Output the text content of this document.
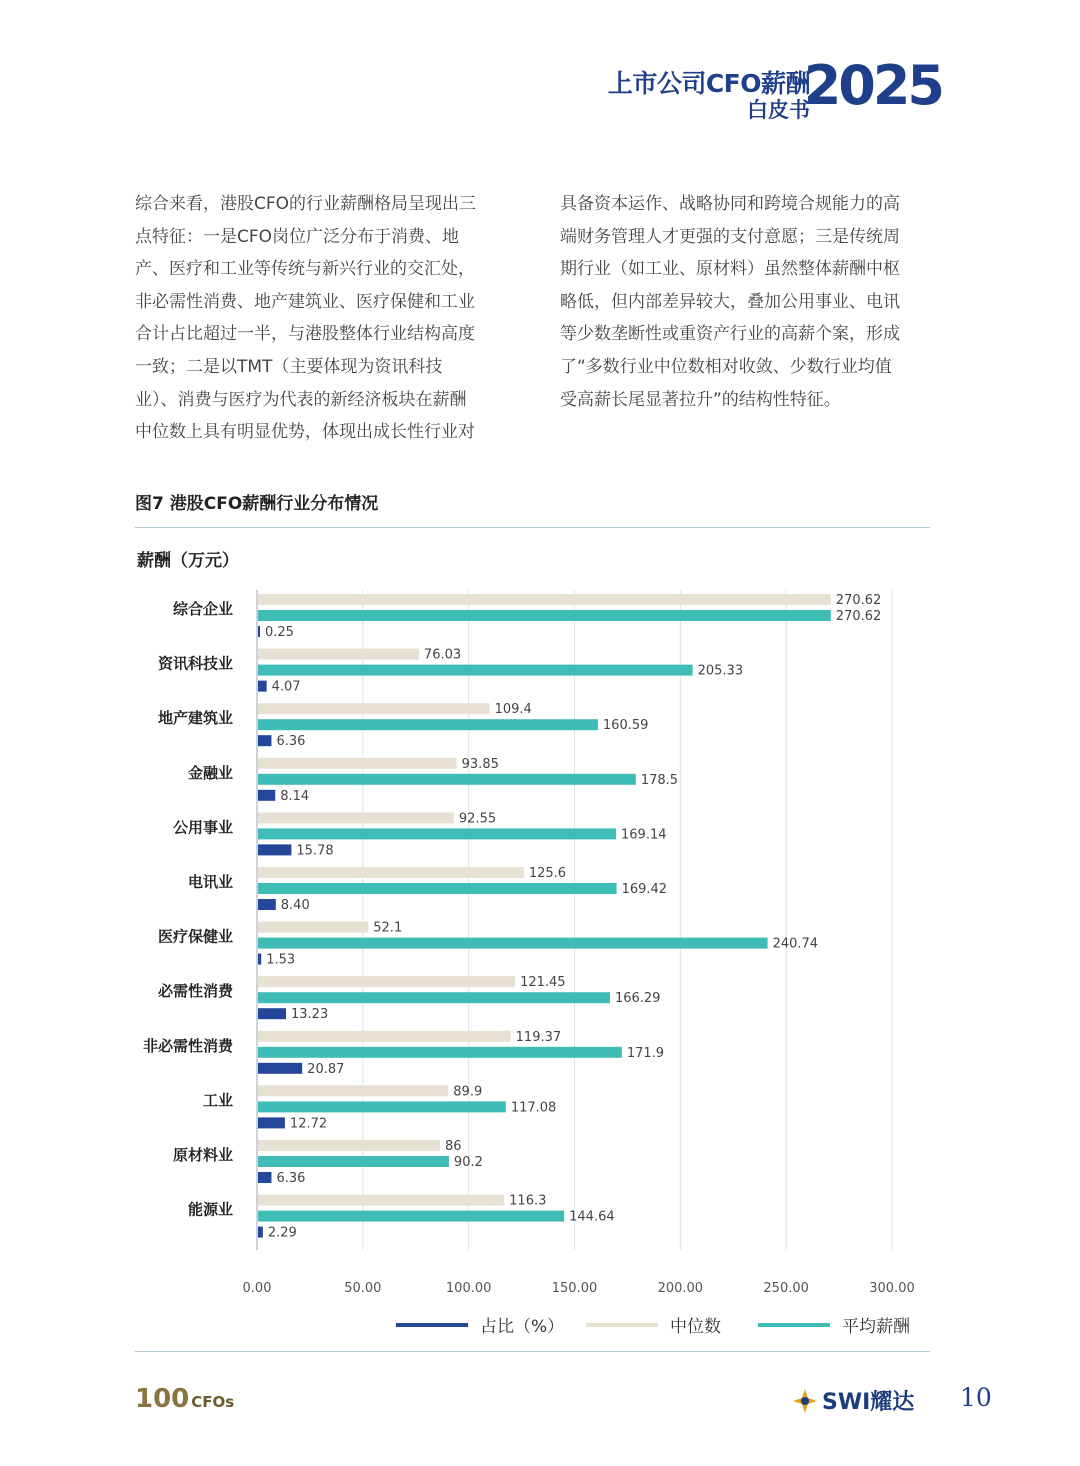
上市公司CFO薪酬
白皮书
2025
综合来看，港股CFO的行业薪酬格局呈现出三
点特征：一是CFO岗位广泛分布于消费、地
产、医疗和工业等传统与新兴行业的交汇处，
非必需性消费、地产建筑业、医疗保健和工业
合计占比超过一半，与港股整体行业结构高度
一致；二是以TMT（主要体现为资讯科技
业）、消费与医疗为代表的新经济板块在薪酬
中位数上具有明显优势，体现出成长性行业对
具备资本运作、战略协同和跨境合规能力的高
端财务管理人才更强的支付意愿；三是传统周
期行业（如工业、原材料）虽然整体薪酬中枢
略低，但内部差异较大，叠加公用事业、电讯
等少数垄断性或重资产行业的高薪个案，形成
了“多数行业中位数相对收敛、少数行业均值
受高薪长尾显著拉升”的结构性特征。
图7 港股CFO薪酬行业分布情况
薪酬（万元）
0.00	50.00	100.00	150.00	200.00	250.00	300.00
综合企业	270.62
270.62
0.25
资讯科技业	76.03
205.33
4.07
地产建筑业	109.4
160.59
6.36
金融业	93.85
178.5
8.14
公用事业	92.55
169.14
15.78
电讯业	125.6
169.42
8.40
医疗保健业	52.1
240.74
1.53
必需性消费	121.45
166.29
13.23
非必需性消费	119.37
171.9
20.87
工业	89.9
117.08
12.72
原材料业	86
90.2
6.36
能源业	116.3
144.64
2.29
占比（%）	中位数	平均薪酬
100 CFOs	SWI耀达 10
